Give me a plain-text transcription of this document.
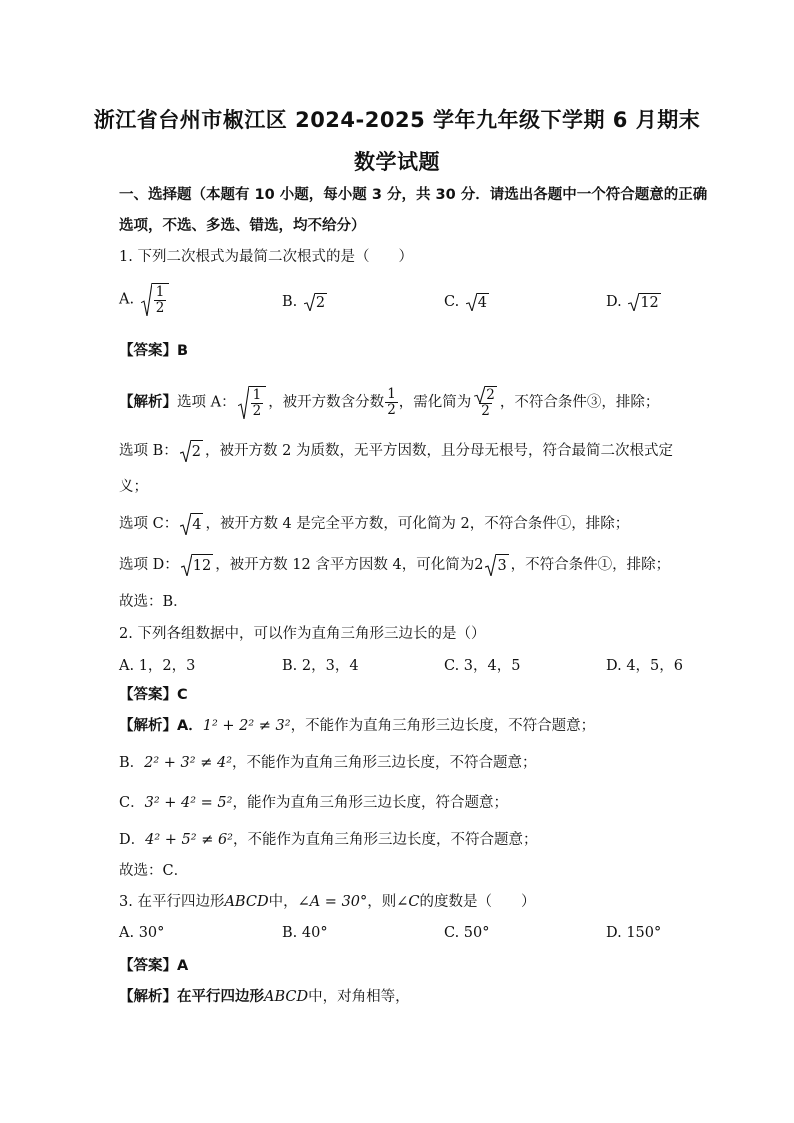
浙江省台州市椒江区 2024-2025 学年九年级下学期 6 月期末
数学试题
一、选择题（本题有 10 小题，每小题 3 分，共 30 分．请选出各题中一个符合题意的正确
选项，不选、多选、错选，均不给分）
1. 下列二次根式为最简二次根式的是（　　）
A. $\frac{1}{2}$	B. 2	C. 4	D. 12
【答案】B
【解析】选项 A： $\frac{1}{2}$ ，被开方数含分数 $\frac{1}{2}$ ，需化简为 $\frac{2}{2}$ ，不符合条件③，排除；
选项 B： 2 ，被开方数 2 为质数，无平方因数，且分母无根号，符合最简二次根式定
义；
选项 C： 4 ，被开方数 4 是完全平方数，可化简为 2，不符合条件①，排除；
选项 D： 12 ，被开方数 12 含平方因数 4，可化简为2 3 ，不符合条件①，排除；
故选：B．
2. 下列各组数据中，可以作为直角三角形三边长的是（）
A. 1，2，3	B. 2，3，4	C. 3，4，5	D. 4，5，6
【答案】C
【解析】A．1² + 2² ≠ 3²，不能作为直角三角形三边长度，不符合题意；
B．2² + 3² ≠ 4²，不能作为直角三角形三边长度，不符合题意；
C．3² + 4² = 5²，能作为直角三角形三边长度，符合题意；
D．4² + 5² ≠ 6²，不能作为直角三角形三边长度，不符合题意；
故选：C．
3. 在平行四边形ABCD中，∠A = 30°，则∠C的度数是（　　）
A. 30°	B. 40°	C. 50°	D. 150°
【答案】A
【解析】在平行四边形ABCD中，对角相等，
